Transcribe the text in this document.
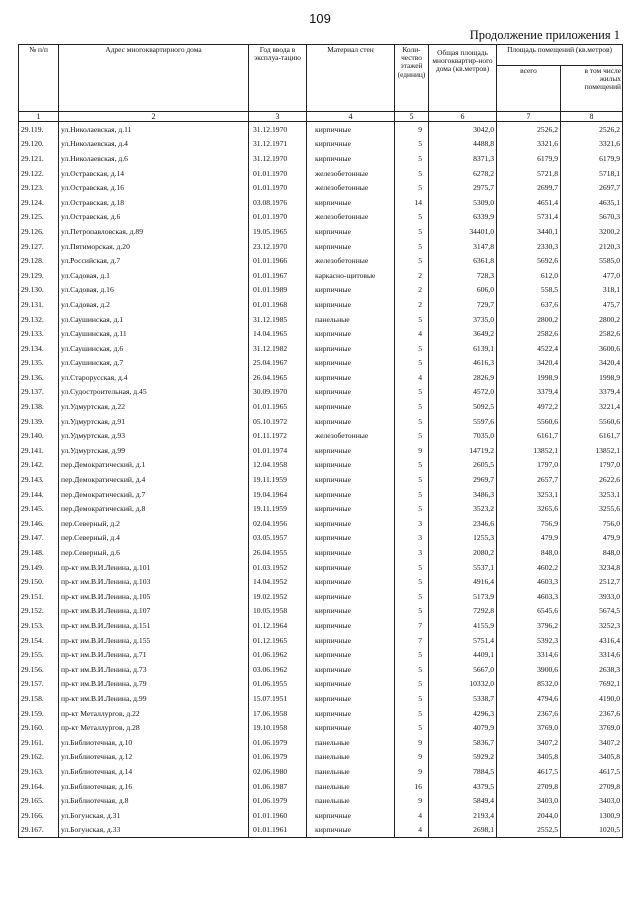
109
Продолжение приложения 1
№ п/п	Адрес многоквартирного дома	Год ввода в эксплуа-тацию	Материал стен	Коли-чество этажей (единиц)	Общая площадь многоквартир-ного дома (кв.метров)	Площадь помещений (кв.метров)	
						всего	в том числе жилых помещений
1	2	3	4	5	6	7	8
29.119.	ул.Николаевская, д.11	31.12.1970	кирпичные	9	3042,0	2526,2	2526,2
29.120.	ул.Николаевская, д.4	31.12.1971	кирпичные	5	4488,8	3321,6	3321,6
29.121.	ул.Николаевская, д.6	31.12.1970	кирпичные	5	8371,3	6179,9	6179,9
29.122.	ул.Остравская, д.14	01.01.1970	железобетонные	5	6278,2	5721,8	5718,1
29.123.	ул.Остравская, д.16	01.01.1970	железобетонные	5	2975,7	2699,7	2697,7
29.124.	ул.Остравская, д.18	03.08.1976	кирпичные	14	5309,0	4651,4	4635,1
29.125.	ул.Остравская, д.6	01.01.1970	железобетонные	5	6339,9	5731,4	5670,3
29.126.	ул.Петропавловская, д.89	19.05.1965	кирпичные	5	34401,0	3440,1	3200,2
29.127.	ул.Пятиморская, д.20	23.12.1970	кирпичные	5	3147,8	2330,3	2120,3
29.128.	ул.Российская, д.7	01.01.1966	железобетонные	5	6361,8	5692,6	5585,0
29.129.	ул.Садовая, д.1	01.01.1967	каркасно-щитовые	2	728,3	612,0	477,0
29.130.	ул.Садовая, д.16	01.01.1989	кирпичные	2	606,0	558,5	318,1
29.131.	ул.Садовая, д.2	01.01.1968	кирпичные	2	729,7	637,6	475,7
29.132.	ул.Саушинская, д.1	31.12.1985	панельные	5	3735,0	2800,2	2800,2
29.133.	ул.Саушинская, д.11	14.04.1965	кирпичные	4	3649,2	2582,6	2582,6
29.134.	ул.Саушинская, д.6	31.12.1982	кирпичные	5	6139,1	4522,4	3600,6
29.135.	ул.Саушинская, д.7	25.04.1967	кирпичные	5	4616,3	3420,4	3420,4
29.136.	ул.Старорусская, д.4	26.04.1965	кирпичные	4	2826,9	1998,9	1998,9
29.137.	ул.Судостроительная, д.45	30.09.1970	кирпичные	5	4572,0	3379,4	3379,4
29.138.	ул.Удмуртская, д.22	01.01.1965	кирпичные	5	5092,5	4972,2	3221,4
29.139.	ул.Удмуртская, д.91	05.10.1972	кирпичные	5	5597,6	5560,6	5560,6
29.140.	ул.Удмуртская, д.93	01.11.1972	железобетонные	5	7035,0	6161,7	6161,7
29.141.	ул.Удмуртская, д.99	01.01.1974	кирпичные	9	14719,2	13852,1	13852,1
29.142.	пер.Демократический, д.1	12.04.1958	кирпичные	5	2605,5	1797,0	1797,0
29.143.	пер.Демократический, д.4	19.11.1959	кирпичные	5	2969,7	2657,7	2622,6
29.144.	пер.Демократический, д.7	19.04.1964	кирпичные	5	3486,3	3253,1	3253,1
29.145.	пер.Демократический, д.8	19.11.1959	кирпичные	5	3523,2	3265,6	3255,6
29.146.	пер.Северный, д.2	02.04.1956	кирпичные	3	2346,6	756,9	756,0
29.147.	пер.Северный, д.4	03.05.1957	кирпичные	3	1255,3	479,9	479,9
29.148.	пер.Северный, д.6	26.04.1955	кирпичные	3	2080,2	848,0	848,0
29.149.	пр-кт им.В.И.Ленина, д.101	01.03.1952	кирпичные	5	5537,1	4602,2	3234,8
29.150.	пр-кт им.В.И.Ленина, д.103	14.04.1952	кирпичные	5	4916,4	4603,3	2512,7
29.151.	пр-кт им.В.И.Ленина, д.105	19.02.1952	кирпичные	5	5173,9	4603,3	3933,0
29.152.	пр-кт им.В.И.Ленина, д.107	10.05.1958	кирпичные	5	7292,8	6545,6	5674,5
29.153.	пр-кт им.В.И.Ленина, д.151	01.12.1964	кирпичные	7	4155,9	3796,2	3252,3
29.154.	пр-кт им.В.И.Ленина, д.155	01.12.1965	кирпичные	7	5751,4	5392,3	4316,4
29.155.	пр-кт им.В.И.Ленина, д.71	01.06.1962	кирпичные	5	4409,1	3314,6	3314,6
29.156.	пр-кт им.В.И.Ленина, д.73	03.06.1962	кирпичные	5	5667,0	3900,6	2638,3
29.157.	пр-кт им.В.И.Ленина, д.79	01.06.1955	кирпичные	5	10332,0	8532,0	7692,1
29.158.	пр-кт им.В.И.Ленина, д.99	15.07.1951	кирпичные	5	5338,7	4794,6	4190,0
29.159.	пр-кт Металлургов, д.22	17.06.1958	кирпичные	5	4296,3	2367,6	2367,6
29.160.	пр-кт Металлургов, д.28	19.10.1958	кирпичные	5	4079,9	3769,0	3769,0
29.161.	ул.Библиотечная, д.10	01.06.1979	панельные	9	5836,7	3407,2	3407,2
29.162.	ул.Библиотечная, д.12	01.06.1979	панельные	9	5929,2	3405,8	3405,8
29.163.	ул.Библиотечная, д.14	02.06.1980	панельные	9	7884,5	4617,5	4617,5
29.164.	ул.Библиотечная, д.16	01.06.1987	панельные	16	4379,5	2709,8	2709,8
29.165.	ул.Библиотечная, д.8	01.06.1979	панельные	9	5849,4	3403,0	3403,0
29.166.	ул.Богунская, д.31	01.01.1960	кирпичные	4	2193,4	2044,0	1300,9
29.167.	ул.Богунская, д.33	01.01.1961	кирпичные	4	2698,1	2552,5	1020,5
